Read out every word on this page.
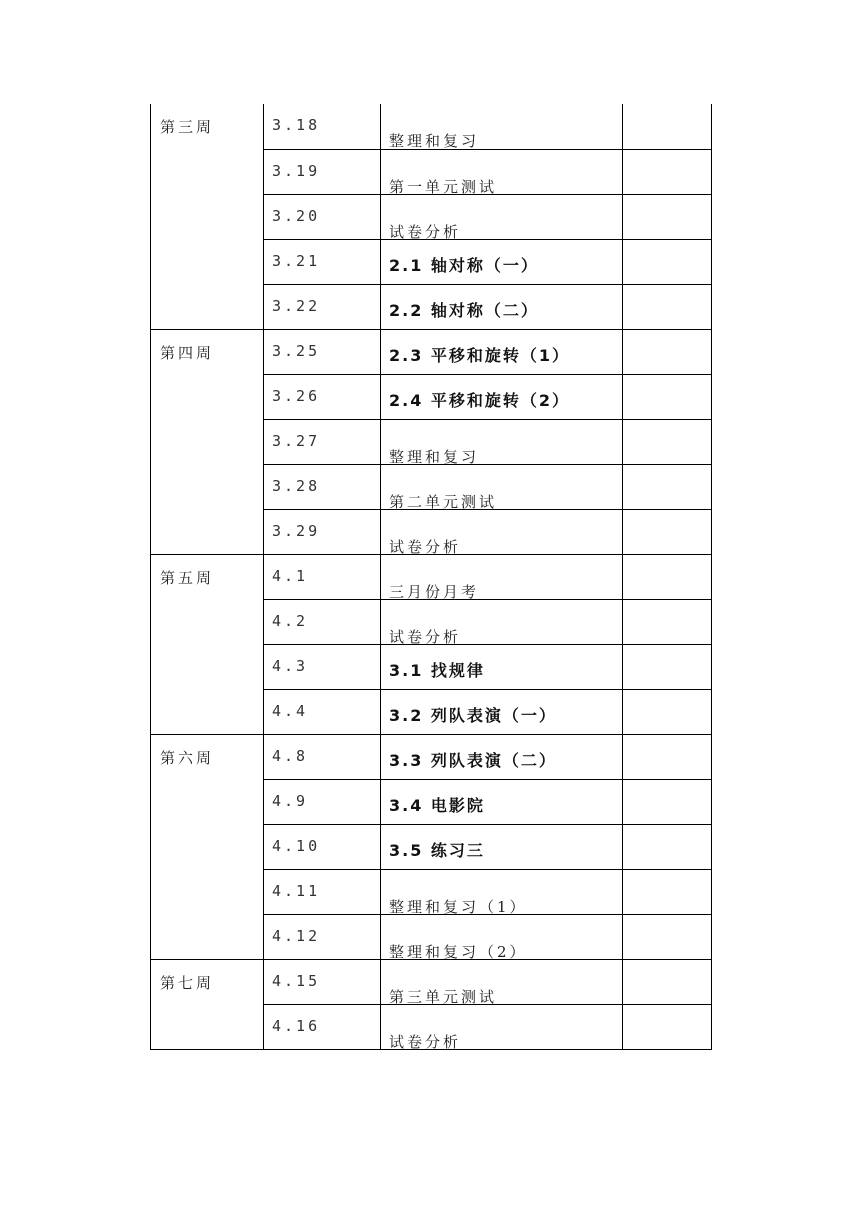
第三周	3.18	整理和复习	

	3.19	第一单元测试	

	3.20	试卷分析	

	3.21	2.1 轴对称（一）	

	3.22	2.2 轴对称（二）	

第四周	3.25	2.3 平移和旋转（1）	

	3.26	2.4 平移和旋转（2）	

	3.27	整理和复习	

	3.28	第二单元测试	

	3.29	试卷分析	

第五周	4.1	三月份月考	

	4.2	试卷分析	

	4.3	3.1 找规律	

	4.4	3.2 列队表演（一）	

第六周	4.8	3.3 列队表演（二）	

	4.9	3.4 电影院	

	4.10	3.5 练习三	

	4.11	整理和复习（1）	

	4.12	整理和复习（2）	

第七周	4.15	第三单元测试	

	4.16	试卷分析	
